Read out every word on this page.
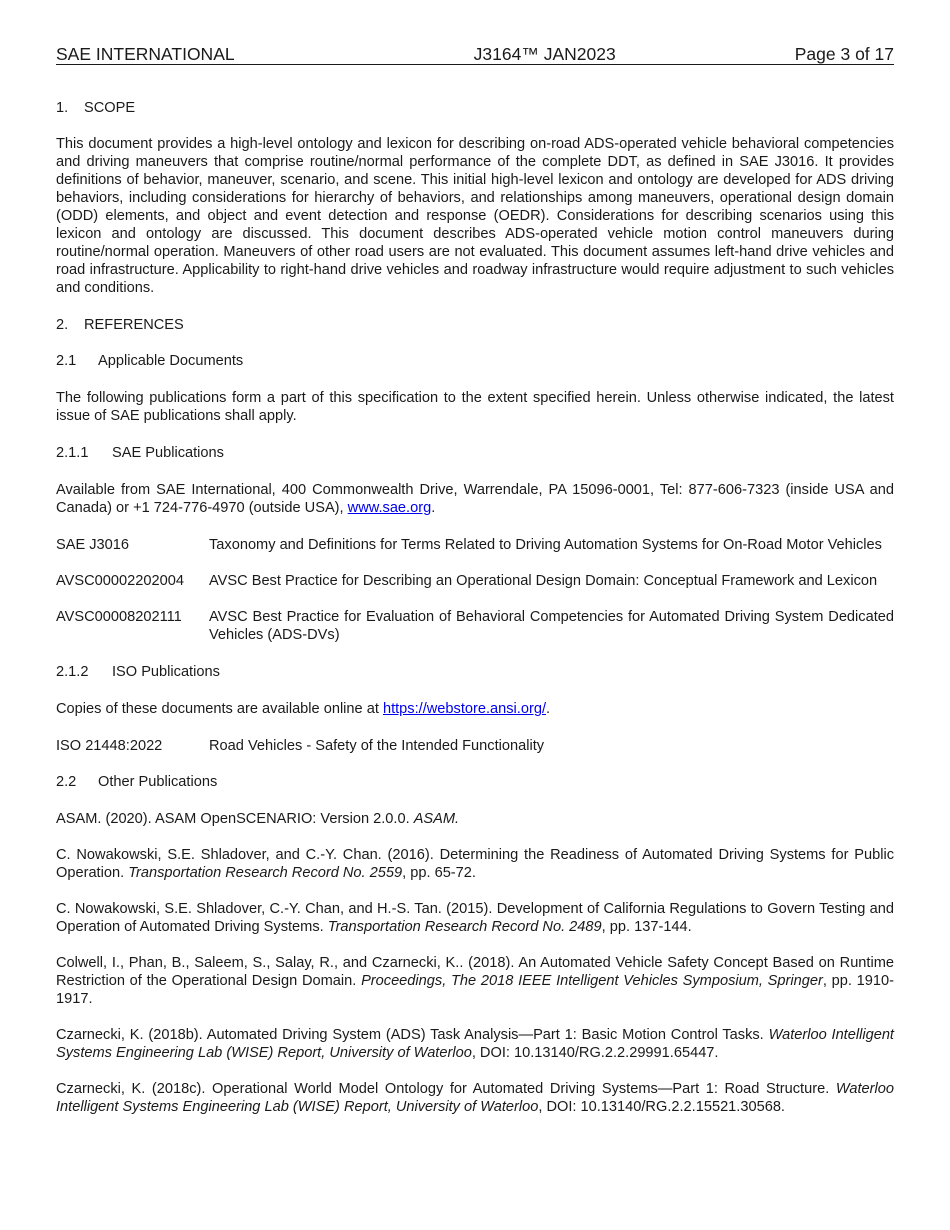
SAE INTERNATIONAL	J3164™ JAN2023	Page 3 of 17
1. SCOPE

This document provides a high-level ontology and lexicon for describing on-road ADS-operated vehicle behavioral competencies and driving maneuvers that comprise routine/normal performance of the complete DDT, as defined in SAE J3016. It provides definitions of behavior, maneuver, scenario, and scene. This initial high-level lexicon and ontology are developed for ADS driving behaviors, including considerations for hierarchy of behaviors, and relationships among maneuvers, operational design domain (ODD) elements, and object and event detection and response (OEDR). Considerations for describing scenarios using this lexicon and ontology are discussed. This document describes ADS-operated vehicle motion control maneuvers during routine/normal operation. Maneuvers of other road users are not evaluated. This document assumes left-hand drive vehicles and road infrastructure. Applicability to right-hand drive vehicles and roadway infrastructure would require adjustment to such vehicles and conditions.

2. REFERENCES
2.1 Applicable Documents

The following publications form a part of this specification to the extent specified herein. Unless otherwise indicated, the latest issue of SAE publications shall apply.

2.1.1 SAE Publications

Available from SAE International, 400 Commonwealth Drive, Warrendale, PA 15096-0001, Tel: 877-606-7323 (inside USA and Canada) or +1 724-776-4970 (outside USA), www.sae.org.

SAE J3016	Taxonomy and Definitions for Terms Related to Driving Automation Systems for On-Road Motor Vehicles
AVSC00002202004	AVSC Best Practice for Describing an Operational Design Domain: Conceptual Framework and Lexicon
AVSC00008202111	AVSC Best Practice for Evaluation of Behavioral Competencies for Automated Driving System Dedicated Vehicles (ADS-DVs)
2.1.2 ISO Publications

Copies of these documents are available online at https://webstore.ansi.org/.

ISO 21448:2022	Road Vehicles - Safety of the Intended Functionality
2.2 Other Publications

ASAM. (2020). ASAM OpenSCENARIO: Version 2.0.0. ASAM.

C. Nowakowski, S.E. Shladover, and C.-Y. Chan. (2016). Determining the Readiness of Automated Driving Systems for Public Operation. Transportation Research Record No. 2559, pp. 65-72.

C. Nowakowski, S.E. Shladover, C.-Y. Chan, and H.-S. Tan. (2015). Development of California Regulations to Govern Testing and Operation of Automated Driving Systems. Transportation Research Record No. 2489, pp. 137-144.

Colwell, I., Phan, B., Saleem, S., Salay, R., and Czarnecki, K.. (2018). An Automated Vehicle Safety Concept Based on Runtime Restriction of the Operational Design Domain. Proceedings, The 2018 IEEE Intelligent Vehicles Symposium, Springer, pp. 1910-1917.

Czarnecki, K. (2018b). Automated Driving System (ADS) Task Analysis—Part 1: Basic Motion Control Tasks. Waterloo Intelligent Systems Engineering Lab (WISE) Report, University of Waterloo, DOI: 10.13140/RG.2.2.29991.65447.

Czarnecki, K. (2018c). Operational World Model Ontology for Automated Driving Systems—Part 1: Road Structure. Waterloo Intelligent Systems Engineering Lab (WISE) Report, University of Waterloo, DOI: 10.13140/RG.2.2.15521.30568.
